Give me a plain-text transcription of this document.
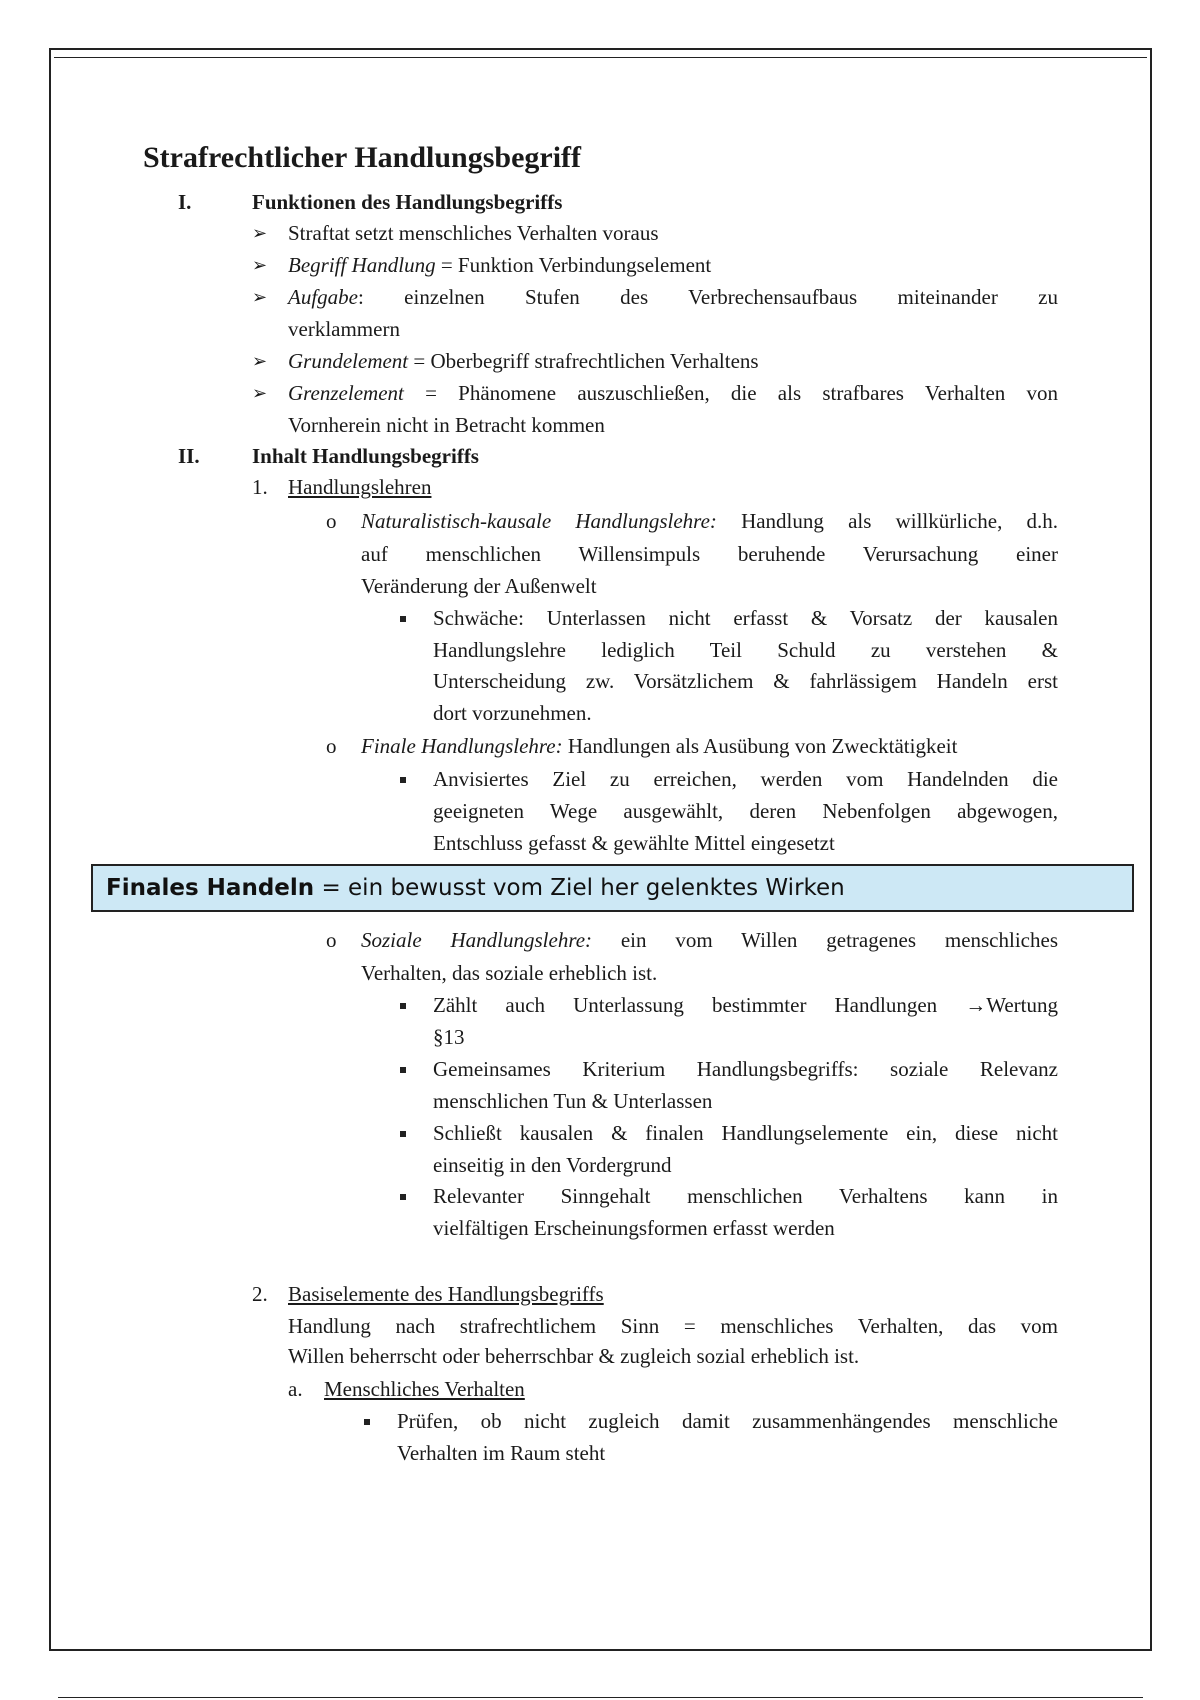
Strafrechtlicher Handlungsbegriff
I.	Funktionen des Handlungsbegriffs
➢ Straftat setzt menschliches Verhalten voraus
➢ Begriff Handlung = Funktion Verbindungselement
➢ Aufgabe: einzelnen Stufen des Verbrechensaufbaus miteinander zu
verklammern
➢ Grundelement = Oberbegriff strafrechtlichen Verhaltens
➢ Grenzelement = Phänomene auszuschließen, die als strafbares Verhalten von
Vornherein nicht in Betracht kommen
II. Inhalt Handlungsbegriffs
1. Handlungslehren
o Naturalistisch-kausale Handlungslehre: Handlung als willkürliche, d.h.
auf menschlichen Willensimpuls beruhende Verursachung einer
Veränderung der Außenwelt
Schwäche: Unterlassen nicht erfasst & Vorsatz der kausalen
Handlungslehre lediglich Teil Schuld zu verstehen &
Unterscheidung zw. Vorsätzlichem & fahrlässigem Handeln erst
dort vorzunehmen.
o Finale Handlungslehre: Handlungen als Ausübung von Zwecktätigkeit
Anvisiertes Ziel zu erreichen, werden vom Handelnden die
geeigneten Wege ausgewählt, deren Nebenfolgen abgewogen,
Entschluss gefasst & gewählte Mittel eingesetzt
Finales Handeln = ein bewusst vom Ziel her gelenktes Wirken
o Soziale Handlungslehre: ein vom Willen getragenes menschliches
Verhalten, das soziale erheblich ist.
Zählt auch Unterlassung bestimmter Handlungen →Wertung
§13
Gemeinsames Kriterium Handlungsbegriffs: soziale Relevanz
menschlichen Tun & Unterlassen
Schließt kausalen & finalen Handlungselemente ein, diese nicht
einseitig in den Vordergrund
Relevanter Sinngehalt menschlichen Verhaltens kann in
vielfältigen Erscheinungsformen erfasst werden
2. Basiselemente des Handlungsbegriffs
Handlung nach strafrechtlichem Sinn = menschliches Verhalten, das vom
Willen beherrscht oder beherrschbar & zugleich sozial erheblich ist.
a. Menschliches Verhalten
Prüfen, ob nicht zugleich damit zusammenhängendes menschliche
Verhalten im Raum steht
